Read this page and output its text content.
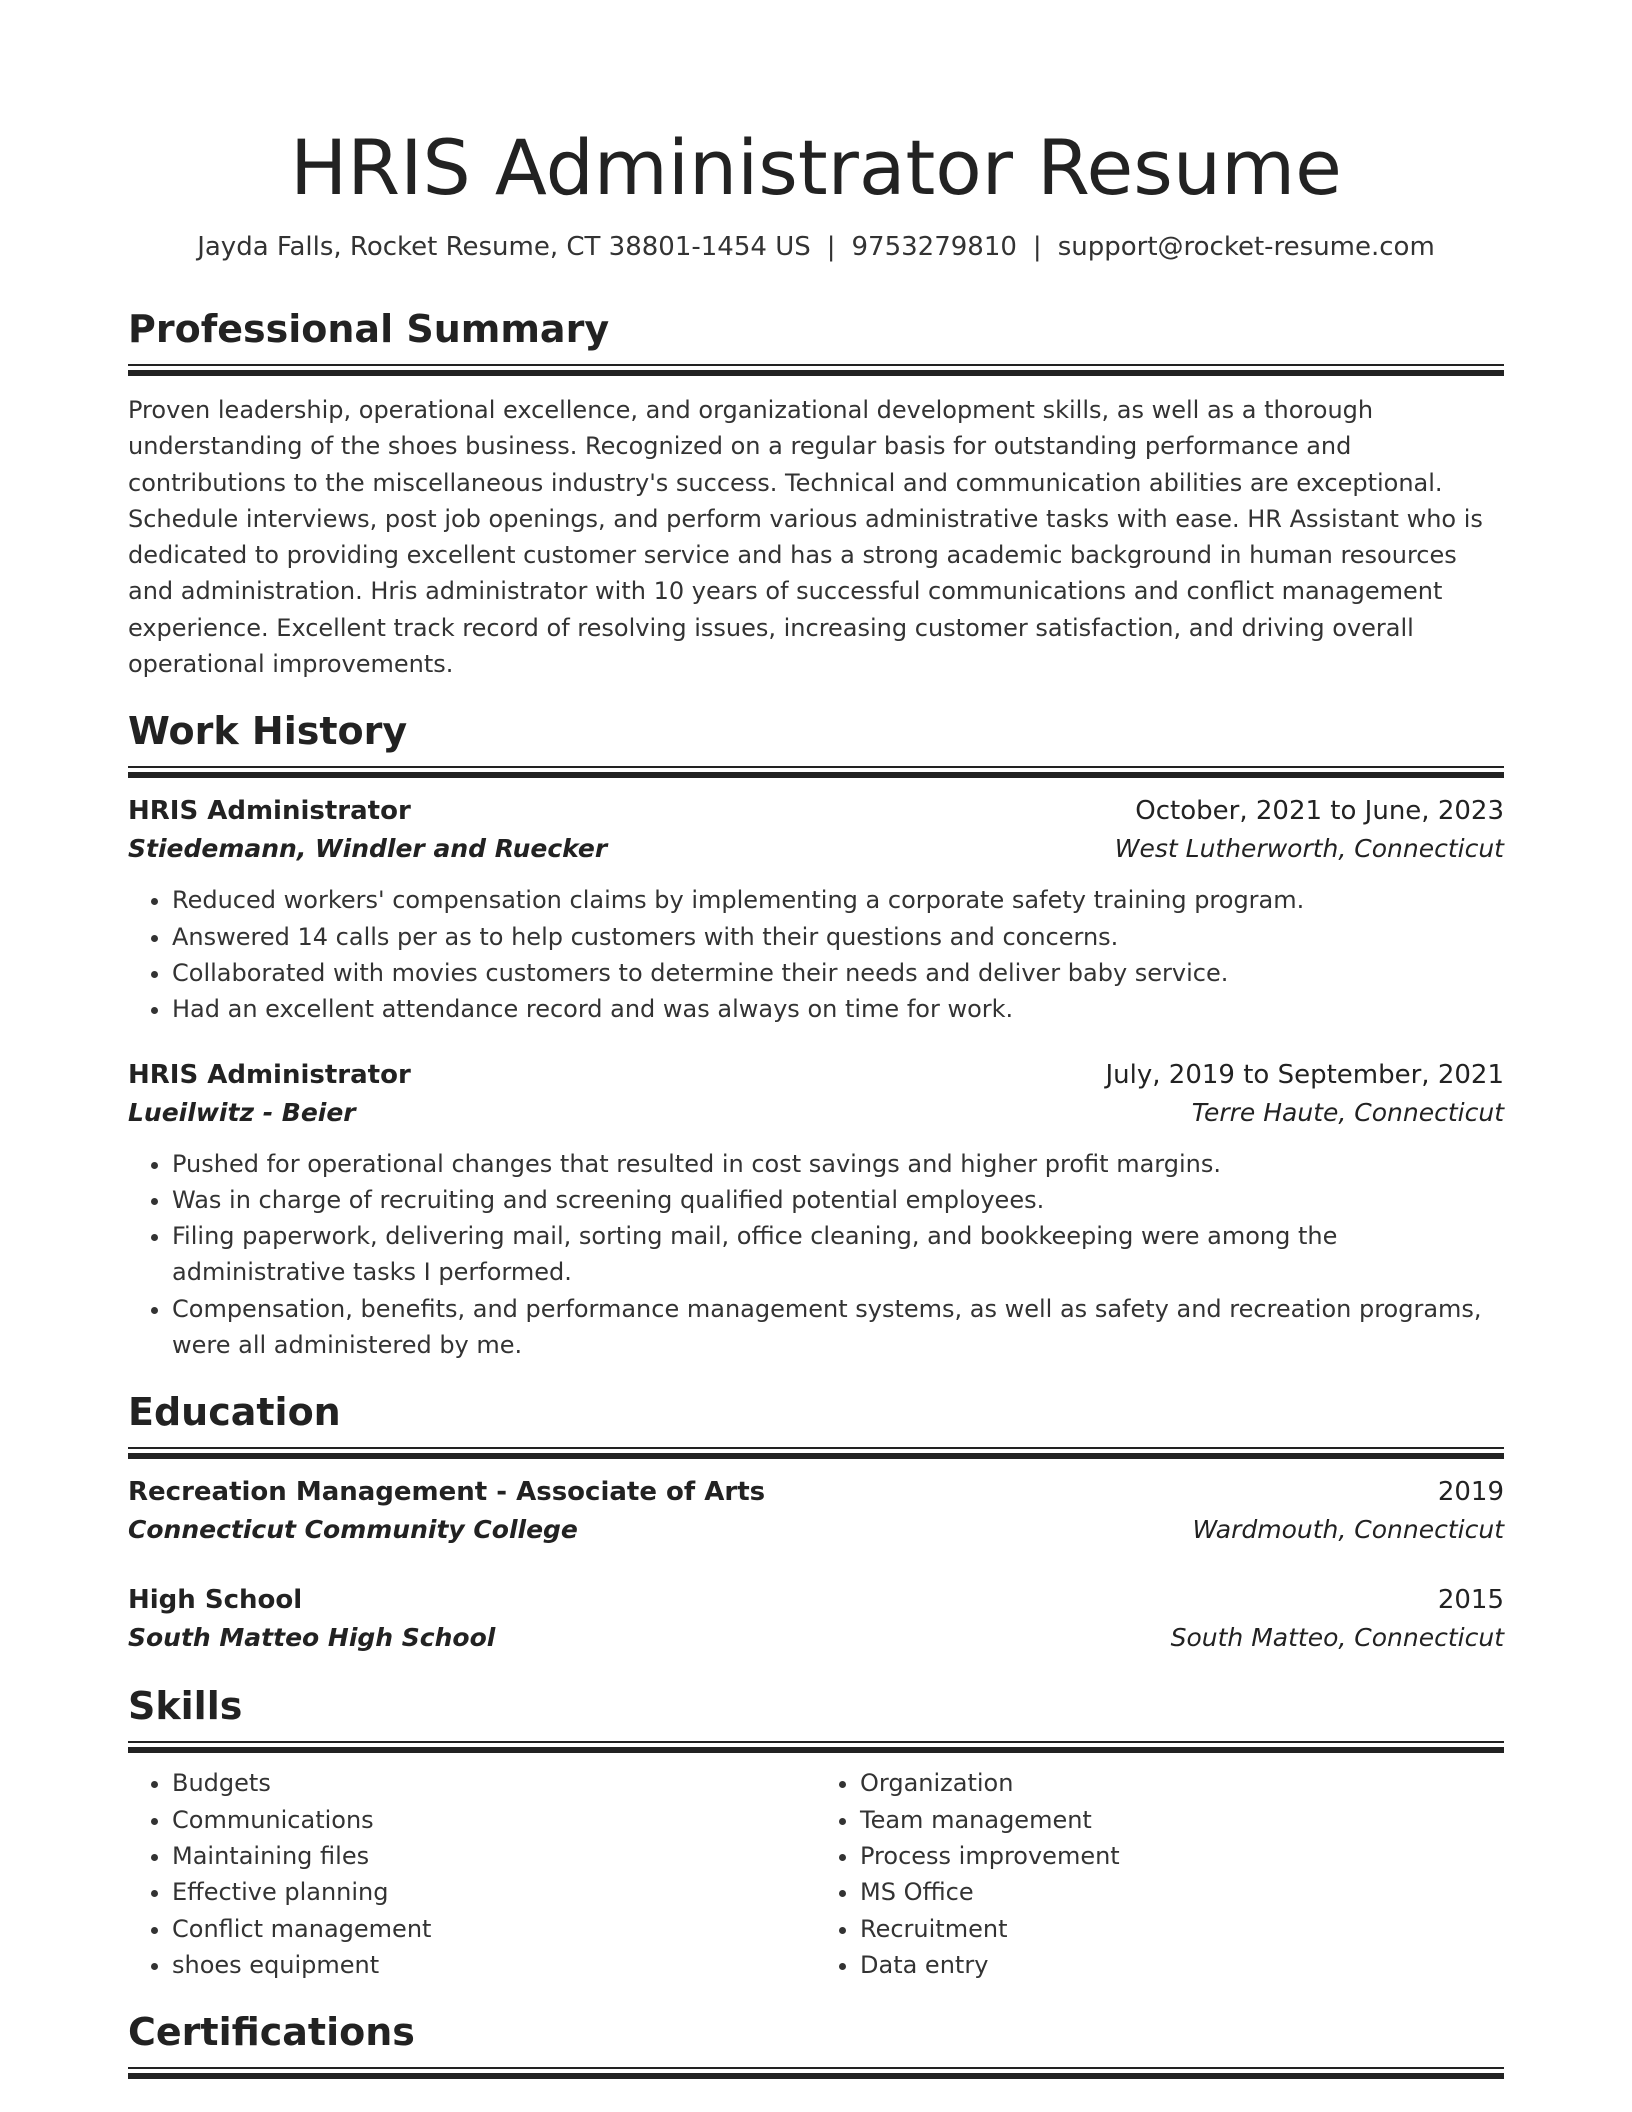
HRIS Administrator Resume
Jayda Falls, Rocket Resume, CT 38801-1454 US | 9753279810 | support@rocket-resume.com
Professional Summary
Proven leadership, operational excellence, and organizational development skills, as well as a thorough understanding of the shoes business. Recognized on a regular basis for outstanding performance and contributions to the miscellaneous industry's success. Technical and communication abilities are exceptional. Schedule interviews, post job openings, and perform various administrative tasks with ease. HR Assistant who is dedicated to providing excellent customer service and has a strong academic background in human resources and administration. Hris administrator with 10 years of successful communications and conflict management experience. Excellent track record of resolving issues, increasing customer satisfaction, and driving overall operational improvements.
Work History
HRIS Administrator	October, 2021 to June, 2023
Stiedemann, Windler and Ruecker	West Lutherworth, Connecticut
• Reduced workers' compensation claims by implementing a corporate safety training program.
• Answered 14 calls per as to help customers with their questions and concerns.
• Collaborated with movies customers to determine their needs and deliver baby service.
• Had an excellent attendance record and was always on time for work.
HRIS Administrator	July, 2019 to September, 2021
Lueilwitz - Beier	Terre Haute, Connecticut
• Pushed for operational changes that resulted in cost savings and higher profit margins.
• Was in charge of recruiting and screening qualified potential employees.
• Filing paperwork, delivering mail, sorting mail, office cleaning, and bookkeeping were among the administrative tasks I performed.
• Compensation, benefits, and performance management systems, as well as safety and recreation programs, were all administered by me.
Education
Recreation Management - Associate of Arts	2019
Connecticut Community College	Wardmouth, Connecticut
High School	2015
South Matteo High School	South Matteo, Connecticut
Skills
• Budgets
• Communications
• Maintaining files
• Effective planning
• Conflict management
• shoes equipment
• Organization
• Team management
• Process improvement
• MS Office
• Recruitment
• Data entry
Certifications
